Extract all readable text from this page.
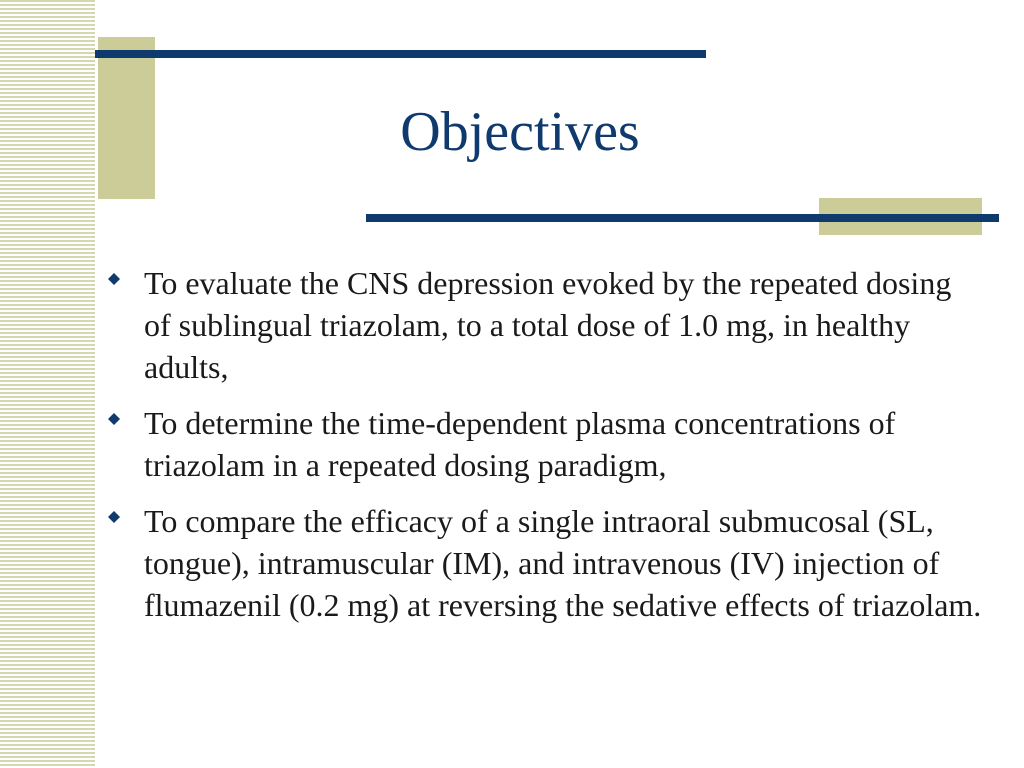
Objectives
To evaluate the CNS depression evoked by the repeated dosing of sublingual triazolam, to a total dose of 1.0 mg, in healthy adults,
To determine the time-dependent plasma concentrations of triazolam in a repeated dosing paradigm,
To compare the efficacy of a single intraoral submucosal (SL, tongue), intramuscular (IM), and intravenous (IV) injection of flumazenil (0.2 mg) at reversing the sedative effects of triazolam.
